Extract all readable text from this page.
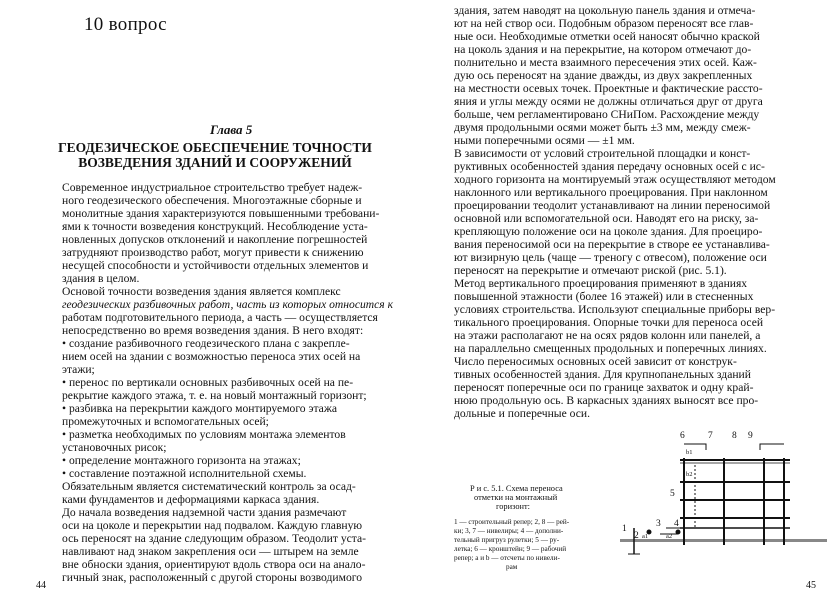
10 вопрос
Глава 5
ГЕОДЕЗИЧЕСКОЕ ОБЕСПЕЧЕНИЕ ТОЧНОСТИ
ВОЗВЕДЕНИЯ ЗДАНИЙ И СООРУЖЕНИЙ
Современное индустриальное строительство требует надеж-
ного геодезического обеспечения. Многоэтажные сборные и
монолитные здания характеризуются повышенными требовани-
ями к точности возведения конструкций. Несоблюдение уста-
новленных допусков отклонений и накопление погрешностей
затрудняют производство работ, могут привести к снижению
несущей способности и устойчивости отдельных элементов и
здания в целом.
Основой точности возведения здания является комплекс
геодезических разбивочных работ, часть из которых относится к
работам подготовительного периода, а часть — осуществляется
непосредственно во время возведения здания. В него входят:
• создание разбивочного геодезического плана с закрепле-
нием осей на здании с возможностью переноса этих осей на
этажи;
• перенос по вертикали основных разбивочных осей на пе-
рекрытие каждого этажа, т. е. на новый монтажный горизонт;
• разбивка на перекрытии каждого монтируемого этажа
промежуточных и вспомогательных осей;
• разметка необходимых по условиям монтажа элементов
установочных рисок;
• определение монтажного горизонта на этажах;
• составление поэтажной исполнительной схемы.
Обязательным является систематический контроль за осад-
ками фундаментов и деформациями каркаса здания.
До начала возведения надземной части здания размечают
оси на цоколе и перекрытии над подвалом. Каждую главную
ось переносят на здание следующим образом. Теодолит уста-
навливают над знаком закрепления оси — штырем на земле
вне обноски здания, ориентируют вдоль створа оси на анало-
гичный знак, расположенный с другой стороны возводимого
44
здания, затем наводят на цокольную панель здания и отмеча-
ют на ней створ оси. Подобным образом переносят все глав-
ные оси. Необходимые отметки осей наносят обычно краской
на цоколь здания и на перекрытие, на котором отмечают до-
полнительно и места взаимного пересечения этих осей. Каж-
дую ось переносят на здание дважды, из двух закрепленных
на местности осевых точек. Проектные и фактические рассто-
яния и углы между осями не должны отличаться друг от друга
больше, чем регламентировано СНиПом. Расхождение между
двумя продольными осями может быть ±3 мм, между смеж-
ными поперечными осями — ±1 мм.
В зависимости от условий строительной площадки и конст-
руктивных особенностей здания передачу основных осей с ис-
ходного горизонта на монтируемый этаж осуществляют методом
наклонного или вертикального проецирования. При наклонном
проецировании теодолит устанавливают на линии переносимой
основной или вспомогательной оси. Наводят его на риску, за-
крепляющую положение оси на цоколе здания. Для проециро-
вания переносимой оси на перекрытие в створе ее устанавлива-
ют визирную цель (чаще — треногу с отвесом), положение оси
переносят на перекрытие и отмечают риской (рис. 5.1).
Метод вертикального проецирования применяют в зданиях
повышенной этажности (более 16 этажей) или в стесненных
условиях строительства. Используют специальные приборы вер-
тикального проецирования. Опорные точки для переноса осей
на этажи располагают не на осях рядов колонн или панелей, а
на параллельно смещенных продольных и поперечных линиях.
Число переносимых основных осей зависит от конструк-
тивных особенностей здания. Для крупнопанельных зданий
переносят поперечные оси по границе захваток и одну край-
нюю продольную ось. В каркасных зданиях выносят все про-
дольные и поперечные оси.
Р и с. 5.1. Схема переноса
отметки на монтажный
горизонт:
1 — строительный репер; 2, 8 — рей-
ки; 3, 7 — нивелиры; 4 — дополни-
тельный пригруз рулетки; 5 — ру-
летка; 6 — кронштейн; 9 — рабочий
репер; а и b — отсчеты по нивели-
рам
6 7 8 9
5
1
2
3 4
b1
b2
a1	a2
45
